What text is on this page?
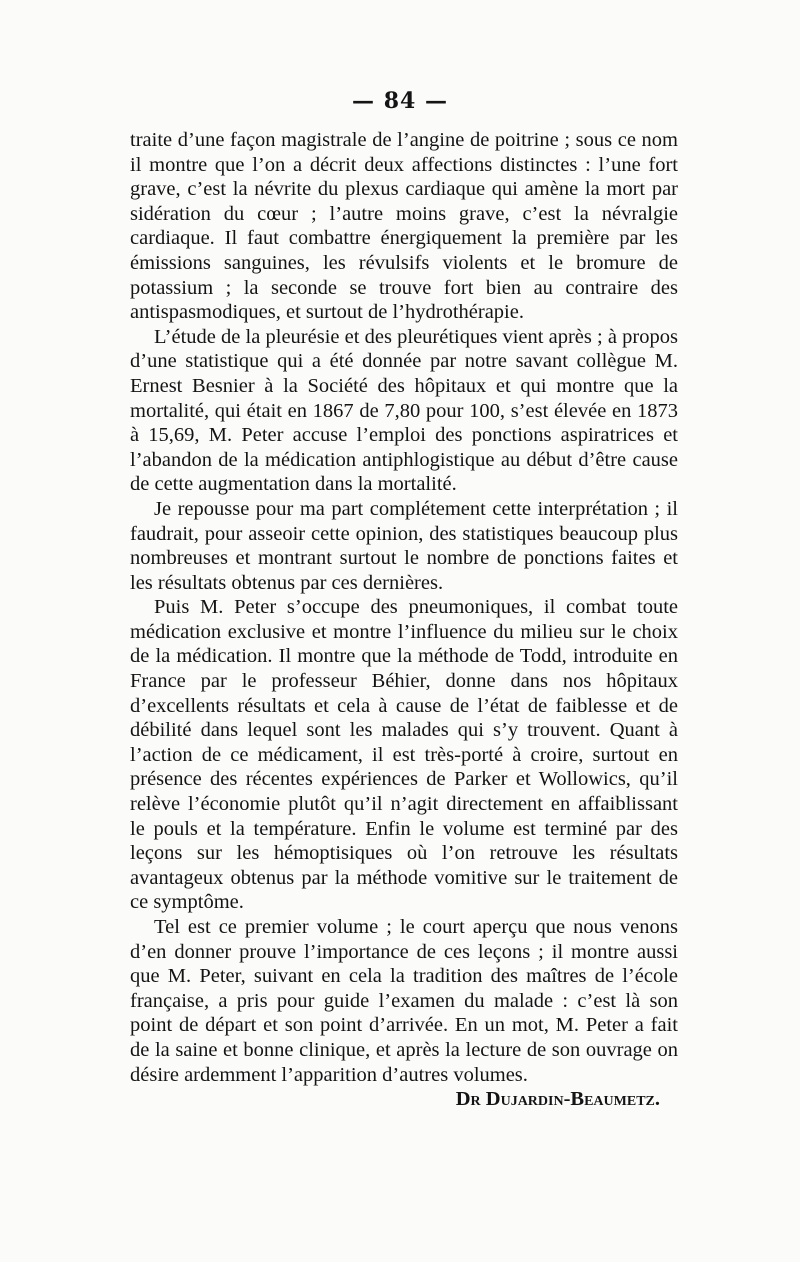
— 84 —

traite d’une façon magistrale de l’angine de poitrine ; sous ce nom il montre que l’on a décrit deux affections distinctes : l’une fort grave, c’est la névrite du plexus cardiaque qui amène la mort par sidération du cœur ; l’autre moins grave, c’est la névralgie cardiaque. Il faut combattre énergiquement la première par les émissions sanguines, les révulsifs violents et le bromure de potassium ; la seconde se trouve fort bien au contraire des antispasmodiques, et surtout de l’hydrothérapie.

L’étude de la pleurésie et des pleurétiques vient après ; à propos d’une statistique qui a été donnée par notre savant collègue M. Ernest Besnier à la Société des hôpitaux et qui montre que la mortalité, qui était en 1867 de 7,80 pour 100, s’est élevée en 1873 à 15,69, M. Peter accuse l’emploi des ponctions aspiratrices et l’abandon de la médication antiphlogistique au début d’être cause de cette augmentation dans la mortalité.

Je repousse pour ma part complétement cette interprétation ; il faudrait, pour asseoir cette opinion, des statistiques beaucoup plus nombreuses et montrant surtout le nombre de ponctions faites et les résultats obtenus par ces dernières.

Puis M. Peter s’occupe des pneumoniques, il combat toute médication exclusive et montre l’influence du milieu sur le choix de la médication. Il montre que la méthode de Todd, introduite en France par le professeur Béhier, donne dans nos hôpitaux d’excellents résultats et cela à cause de l’état de faiblesse et de débilité dans lequel sont les malades qui s’y trouvent. Quant à l’action de ce médicament, il est très-porté à croire, surtout en présence des récentes expériences de Parker et Wollowics, qu’il relève l’économie plutôt qu’il n’agit directement en affaiblissant le pouls et la température. Enfin le volume est terminé par des leçons sur les hémoptisiques où l’on retrouve les résultats avantageux obtenus par la méthode vomitive sur le traitement de ce symptôme.

Tel est ce premier volume ; le court aperçu que nous venons d’en donner prouve l’importance de ces leçons ; il montre aussi que M. Peter, suivant en cela la tradition des maîtres de l’école française, a pris pour guide l’examen du malade : c’est là son point de départ et son point d’arrivée. En un mot, M. Peter a fait de la saine et bonne clinique, et après la lecture de son ouvrage on désire ardemment l’apparition d’autres volumes.

Dr Dujardin-Beaumetz.
